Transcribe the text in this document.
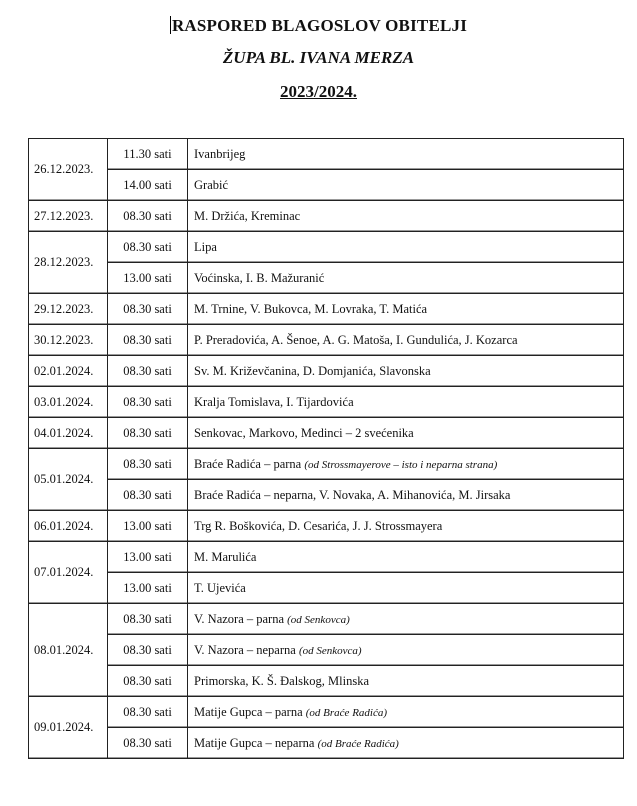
RASPORED BLAGOSLOV OBITELJI
ŽUPA BL. IVANA MERZA
2023/2024.
26.12.2023.	11.30 sati	Ivanbrijeg
	14.00 sati	Grabić
27.12.2023.	08.30 sati	M. Držića, Kreminac
28.12.2023.	08.30 sati	Lipa
	13.00 sati	Voćinska, I. B. Mažuranić
29.12.2023.	08.30 sati	M. Trnine, V. Bukovca, M. Lovraka, T. Matića
30.12.2023.	08.30 sati	P. Preradovića, A. Šenoe, A. G. Matoša, I. Gundulića, J. Kozarca
02.01.2024.	08.30 sati	Sv. M. Križevčanina, D. Domjanića, Slavonska
03.01.2024.	08.30 sati	Kralja Tomislava, I. Tijardovića
04.01.2024.	08.30 sati	Senkovac, Markovo, Medinci – 2 svećenika
05.01.2024.	08.30 sati	Braće Radića – parna (od Strossmayerove – isto i neparna strana)
	08.30 sati	Braće Radića – neparna, V. Novaka, A. Mihanovića, M. Jirsaka
06.01.2024.	13.00 sati	Trg R. Boškovića, D. Cesarića, J. J. Strossmayera
07.01.2024.	13.00 sati	M. Marulića
	13.00 sati	T. Ujevića
08.01.2024.	08.30 sati	V. Nazora – parna (od Senkovca)
	08.30 sati	V. Nazora – neparna (od Senkovca)
	08.30 sati	Primorska, K. Š. Đalskog, Mlinska
09.01.2024.	08.30 sati	Matije Gupca – parna (od Braće Radića)
	08.30 sati	Matije Gupca – neparna (od Braće Radića)
